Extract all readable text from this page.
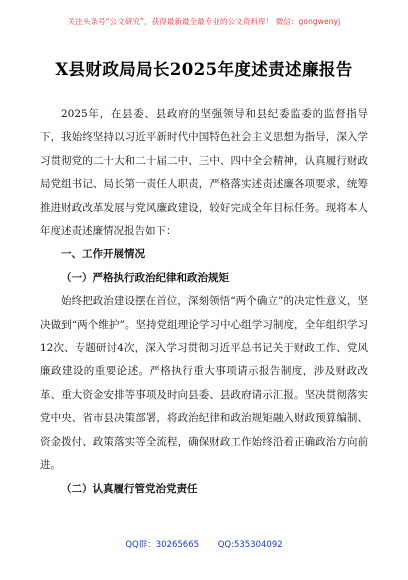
关注头条号“公文研究”，获得最新最全最专业的公文资料库！ 微信：gongwenyj
X县财政局局长2025年度述责述廉报告

2025年，在县委、县政府的坚强领导和县纪委监委的监督指导下，我始终坚持以习近平新时代中国特色社会主义思想为指导，深入学习贯彻党的二十大和二十届二中、三中、四中全会精神，认真履行财政局党组书记、局长第一责任人职责，严格落实述责述廉各项要求，统筹推进财政改革发展与党风廉政建设，较好完成全年目标任务。现将本人年度述责述廉情况报告如下：

一、工作开展情况
（一）严格执行政治纪律和政治规矩

始终把政治建设摆在首位，深刻领悟“两个确立”的决定性意义，坚决做到“两个维护”。坚持党组理论学习中心组学习制度，全年组织学习12次、专题研讨4次，深入学习贯彻习近平总书记关于财政工作、党风廉政建设的重要论述。严格执行重大事项请示报告制度，涉及财政改革、重大资金安排等事项及时向县委、县政府请示汇报。坚决贯彻落实党中央、省市县决策部署，将政治纪律和政治规矩融入财政预算编制、资金拨付、政策落实等全流程，确保财政工作始终沿着正确政治方向前进。

（二）认真履行管党治党责任
QQ群：30265665 QQ:535304092
